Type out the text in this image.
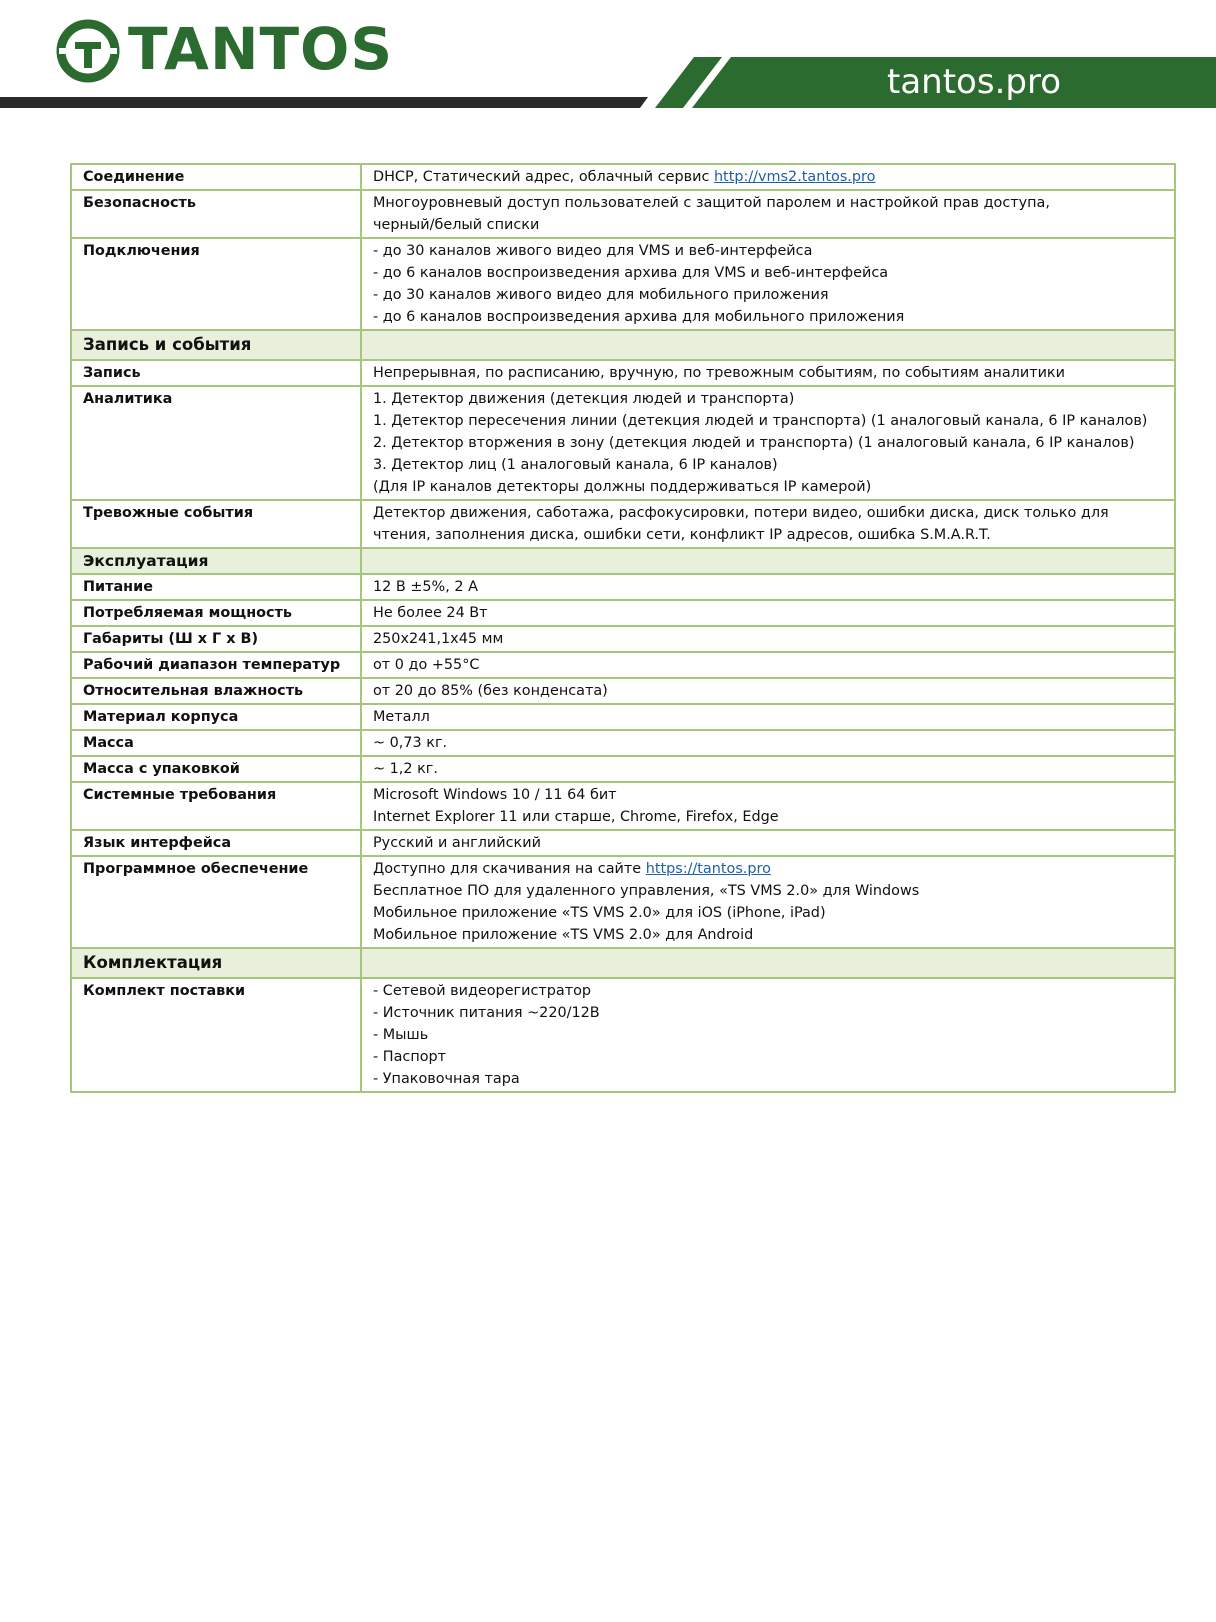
TANTOS	tantos.pro
Соединение	DHCP, Статический адрес, облачный сервис http://vms2.tantos.pro

Безопасность	Многоуровневый доступ пользователей с защитой паролем и настройкой прав доступа,
черный/белый списки

Подключения	- до 30 каналов живого видео для VMS и веб-интерфейса
- до 6 каналов воспроизведения архива для VMS и веб-интерфейса
- до 30 каналов живого видео для мобильного приложения
- до 6 каналов воспроизведения архива для мобильного приложения

Запись и события	
Запись	Непрерывная, по расписанию, вручную, по тревожным событиям, по событиям аналитики

Аналитика	1. Детектор движения (детекция людей и транспорта)
1. Детектор пересечения линии (детекция людей и транспорта) (1 аналоговый канала, 6 IP каналов)
2. Детектор вторжения в зону (детекция людей и транспорта) (1 аналоговый канала, 6 IP каналов)
3. Детектор лиц (1 аналоговый канала, 6 IP каналов)
(Для IP каналов детекторы должны поддерживаться IP камерой)

Тревожные события	Детектор движения, саботажа, расфокусировки, потери видео, ошибки диска, диск только для
чтения, заполнения диска, ошибки сети, конфликт IP адресов, ошибка S.M.A.R.T.

Эксплуатация	
Питание	12 В ±5%, 2 А

Потребляемая мощность	Не более 24 Вт

Габариты (Ш х Г х В)	250x241,1x45 мм

Рабочий диапазон температур	от 0 до +55°С

Относительная влажность	от 20 до 85% (без конденсата)

Материал корпуса	Металл

Масса	~ 0,73 кг.

Масса с упаковкой	~ 1,2 кг.

Системные требования	Microsoft Windows 10 / 11 64 бит
Internet Explorer 11 или старше, Chrome, Firefox, Edge

Язык интерфейса	Русский и английский

Программное обеспечение	Доступно для скачивания на сайте https://tantos.pro
Бесплатное ПО для удаленного управления, «TS VMS 2.0» для Windows
Мобильное приложение «TS VMS 2.0» для iOS (iPhone, iPad)
Мобильное приложение «TS VMS 2.0» для Android

Комплектация	
Комплект поставки	- Сетевой видеорегистратор
- Источник питания ~220/12В
- Мышь
- Паспорт
- Упаковочная тара
